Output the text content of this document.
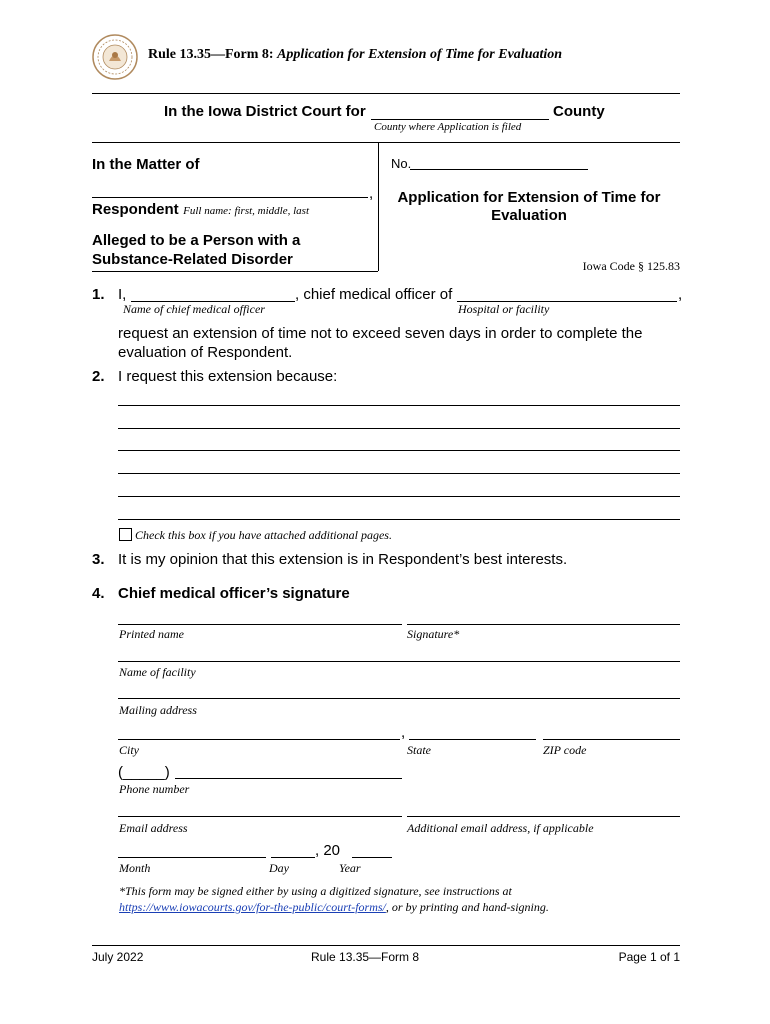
Rule 13.35—Form 8: Application for Extension of Time for Evaluation
In the Iowa District Court for	County
County where Application is filed
In the Matter of
,
Respondent Full name: first, middle, last
Alleged to be a Person with a
Substance-Related Disorder
No.
Application for Extension of Time for
Evaluation
Iowa Code § 125.83
1. I,	, chief medical officer of	,
Name of chief medical officer	Hospital or facility
request an extension of time not to exceed seven days in order to complete the
evaluation of Respondent.
2. I request this extension because:
Check this box if you have attached additional pages.
3. It is my opinion that this extension is in Respondent’s best interests.
4. Chief medical officer’s signature
Printed name	Signature*
Name of facility
Mailing address
,
City	State	ZIP code
(_____)
Phone number
Email address	Additional email address, if applicable
, 20
Month	Day	Year
*This form may be signed either by using a digitized signature, see instructions at
https://www.iowacourts.gov/for-the-public/court-forms/, or by printing and hand-signing.
July 2022	Rule 13.35—Form 8	Page 1 of 1
